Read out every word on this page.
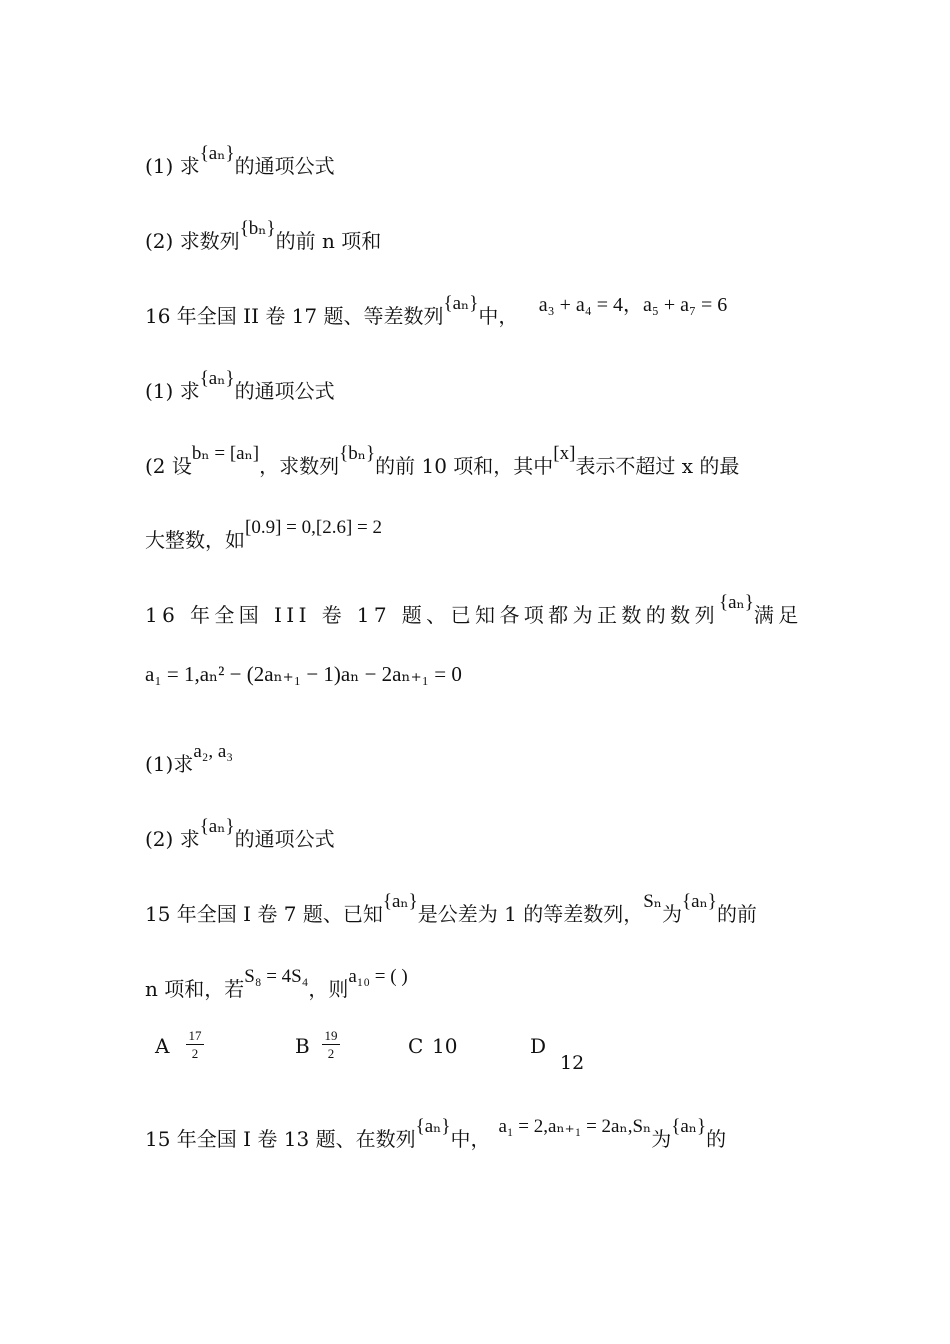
(1) 求{aₙ}的通项公式
(2) 求数列{bₙ}的前 n 项和
16 年全国 II 卷 17 题、等差数列{aₙ}中， a₃ + a₄ = 4，a₅ + a₇ = 6
(1) 求{aₙ}的通项公式
(2 设bₙ = [aₙ]，求数列{bₙ}的前 10 项和，其中[x]表示不超过 x 的最
大整数，如[0.9] = 0,[2.6] = 2
16 年全国 III 卷 17 题、已知各项都为正数的数列{aₙ}满足
a₁ = 1,aₙ² − (2aₙ₊₁ − 1)aₙ − 2aₙ₊₁ = 0
(1)求a₂, a₃
(2) 求{aₙ}的通项公式
15 年全国 I 卷 7 题、已知{aₙ}是公差为 1 的等差数列，Sₙ为{aₙ}的前
n 项和，若S₈ = 4S₄，则a₁₀ = ( )
A 17
2	B 19
2	C 10	D
12
15 年全国 I 卷 13 题、在数列{aₙ}中，a₁ = 2,aₙ₊₁ = 2aₙ,Sₙ为{aₙ}的
